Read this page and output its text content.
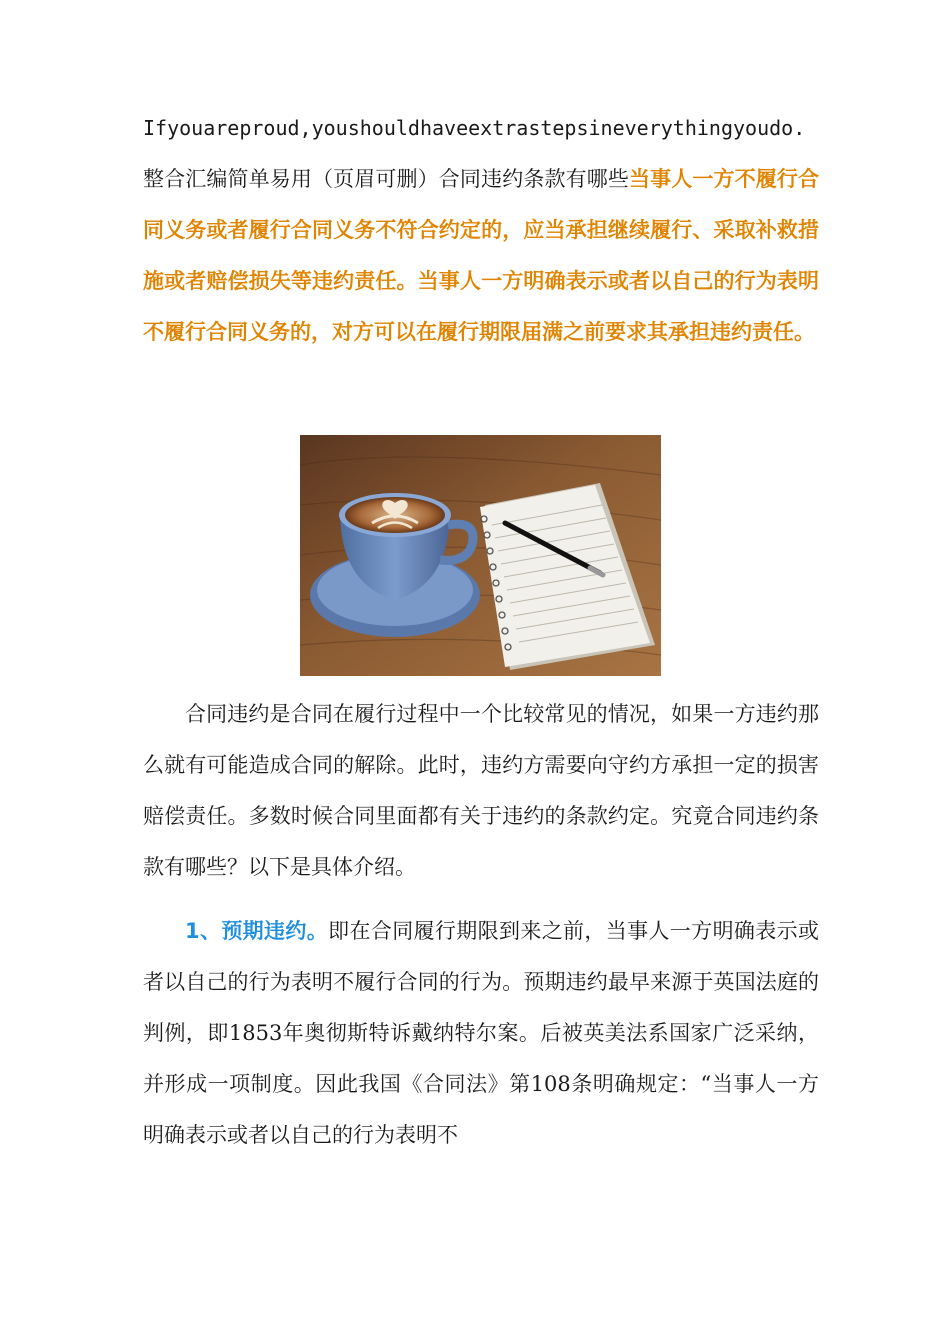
Ifyouareproud,youshouldhaveextrastepsineverythingyoudo. 整合汇编简单易用（页眉可删）合同违约条款有哪些当事人一方不履行合同义务或者履行合同义务不符合约定的，应当承担继续履行、采取补救措施或者赔偿损失等违约责任。当事人一方明确表示或者以自己的行为表明不履行合同义务的，对方可以在履行期限届满之前要求其承担违约责任。
合同违约是合同在履行过程中一个比较常见的情况，如果一方违约那么就有可能造成合同的解除。此时，违约方需要向守约方承担一定的损害赔偿责任。多数时候合同里面都有关于违约的条款约定。究竟合同违约条款有哪些？以下是具体介绍。
1、预期违约。即在合同履行期限到来之前，当事人一方明确表示或者以自己的行为表明不履行合同的行为。预期违约最早来源于英国法庭的判例，即1853年奥彻斯特诉戴纳特尔案。后被英美法系国家广泛采纳，并形成一项制度。因此我国《合同法》第108条明确规定：“当事人一方明确表示或者以自己的行为表明不
